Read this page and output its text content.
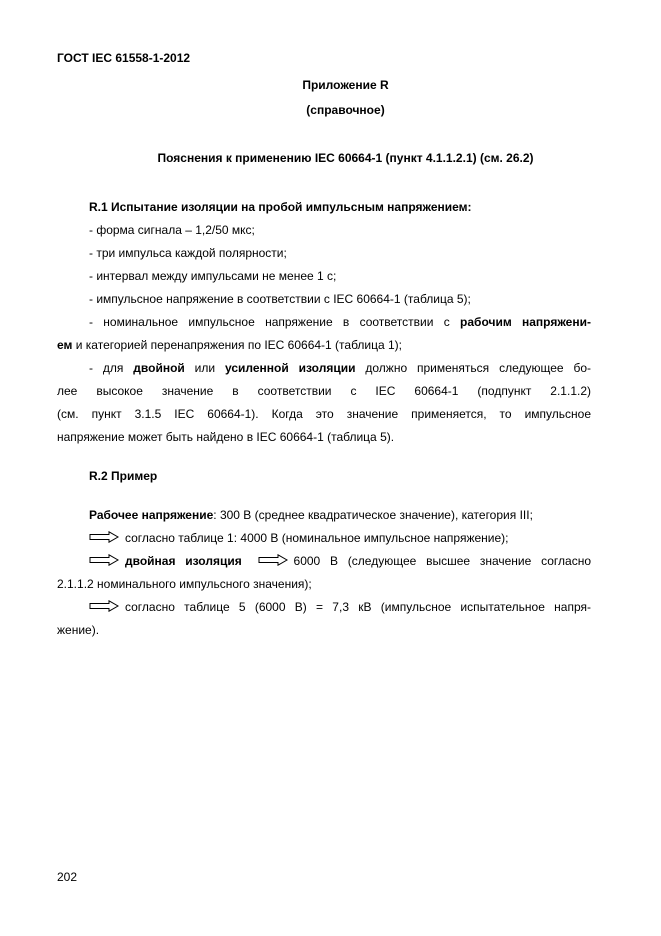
ГОСТ IEC 61558-1-2012
Приложение R
(справочное)
Пояснения к применению IEC 60664-1 (пункт 4.1.1.2.1) (см. 26.2)
R.1 Испытание изоляции на пробой импульсным напряжением:
- форма сигнала – 1,2/50 мкс;
- три импульса каждой полярности;
- интервал между импульсами не менее 1 с;
- импульсное напряжение в соответствии с IEC 60664-1 (таблица 5);
- номинальное импульсное напряжение в соответствии с рабочим напряжени-
ем и категорией перенапряжения по IEC 60664-1 (таблица 1);
- для двойной или усиленной изоляции должно применяться следующее бо-
лее высокое значение в соответствии с IEC 60664-1 (подпункт 2.1.1.2)
(см. пункт 3.1.5 IEC 60664-1). Когда это значение применяется, то импульсное
напряжение может быть найдено в IEC 60664-1 (таблица 5).
R.2 Пример
Рабочее напряжение: 300 В (среднее квадратическое значение), категория III;
согласно таблице 1: 4000 В (номинальное импульсное напряжение);
двойная изоляция	6000 В (следующее высшее значение согласно
2.1.1.2 номинального импульсного значения);
согласно таблице 5 (6000 В) = 7,3 кВ (импульсное испытательное напря-
жение).
202
